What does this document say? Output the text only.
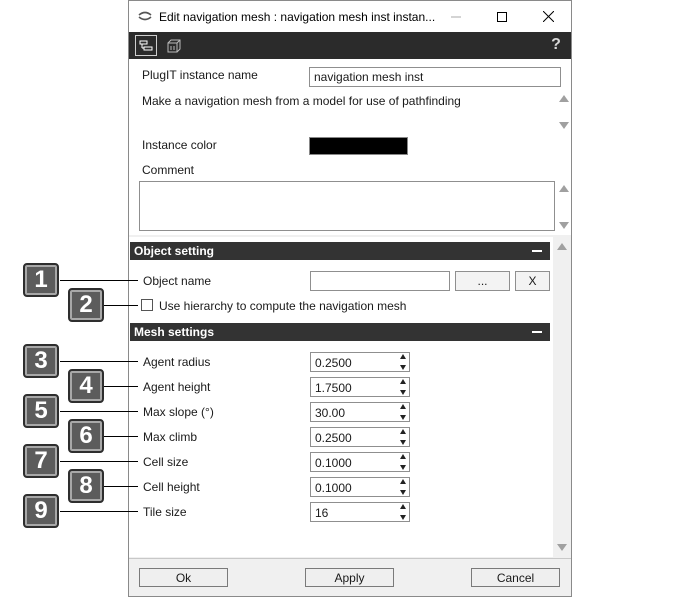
Edit navigation mesh : navigation mesh inst instan...
?
PlugIT instance name	navigation mesh inst
Make a navigation mesh from a model for use of pathfinding
Instance color
Comment
Object setting
Object name	...	X
Use hierarchy to compute the navigation mesh
Mesh settings
Agent radius	0.2500
Agent height	1.7500
Max slope (°)	30.00
Max climb	0.2500
Cell size	0.1000
Cell height	0.1000
Tile size	16
Ok	Apply	Cancel
1
2
3
4
5
6
7
8
9
